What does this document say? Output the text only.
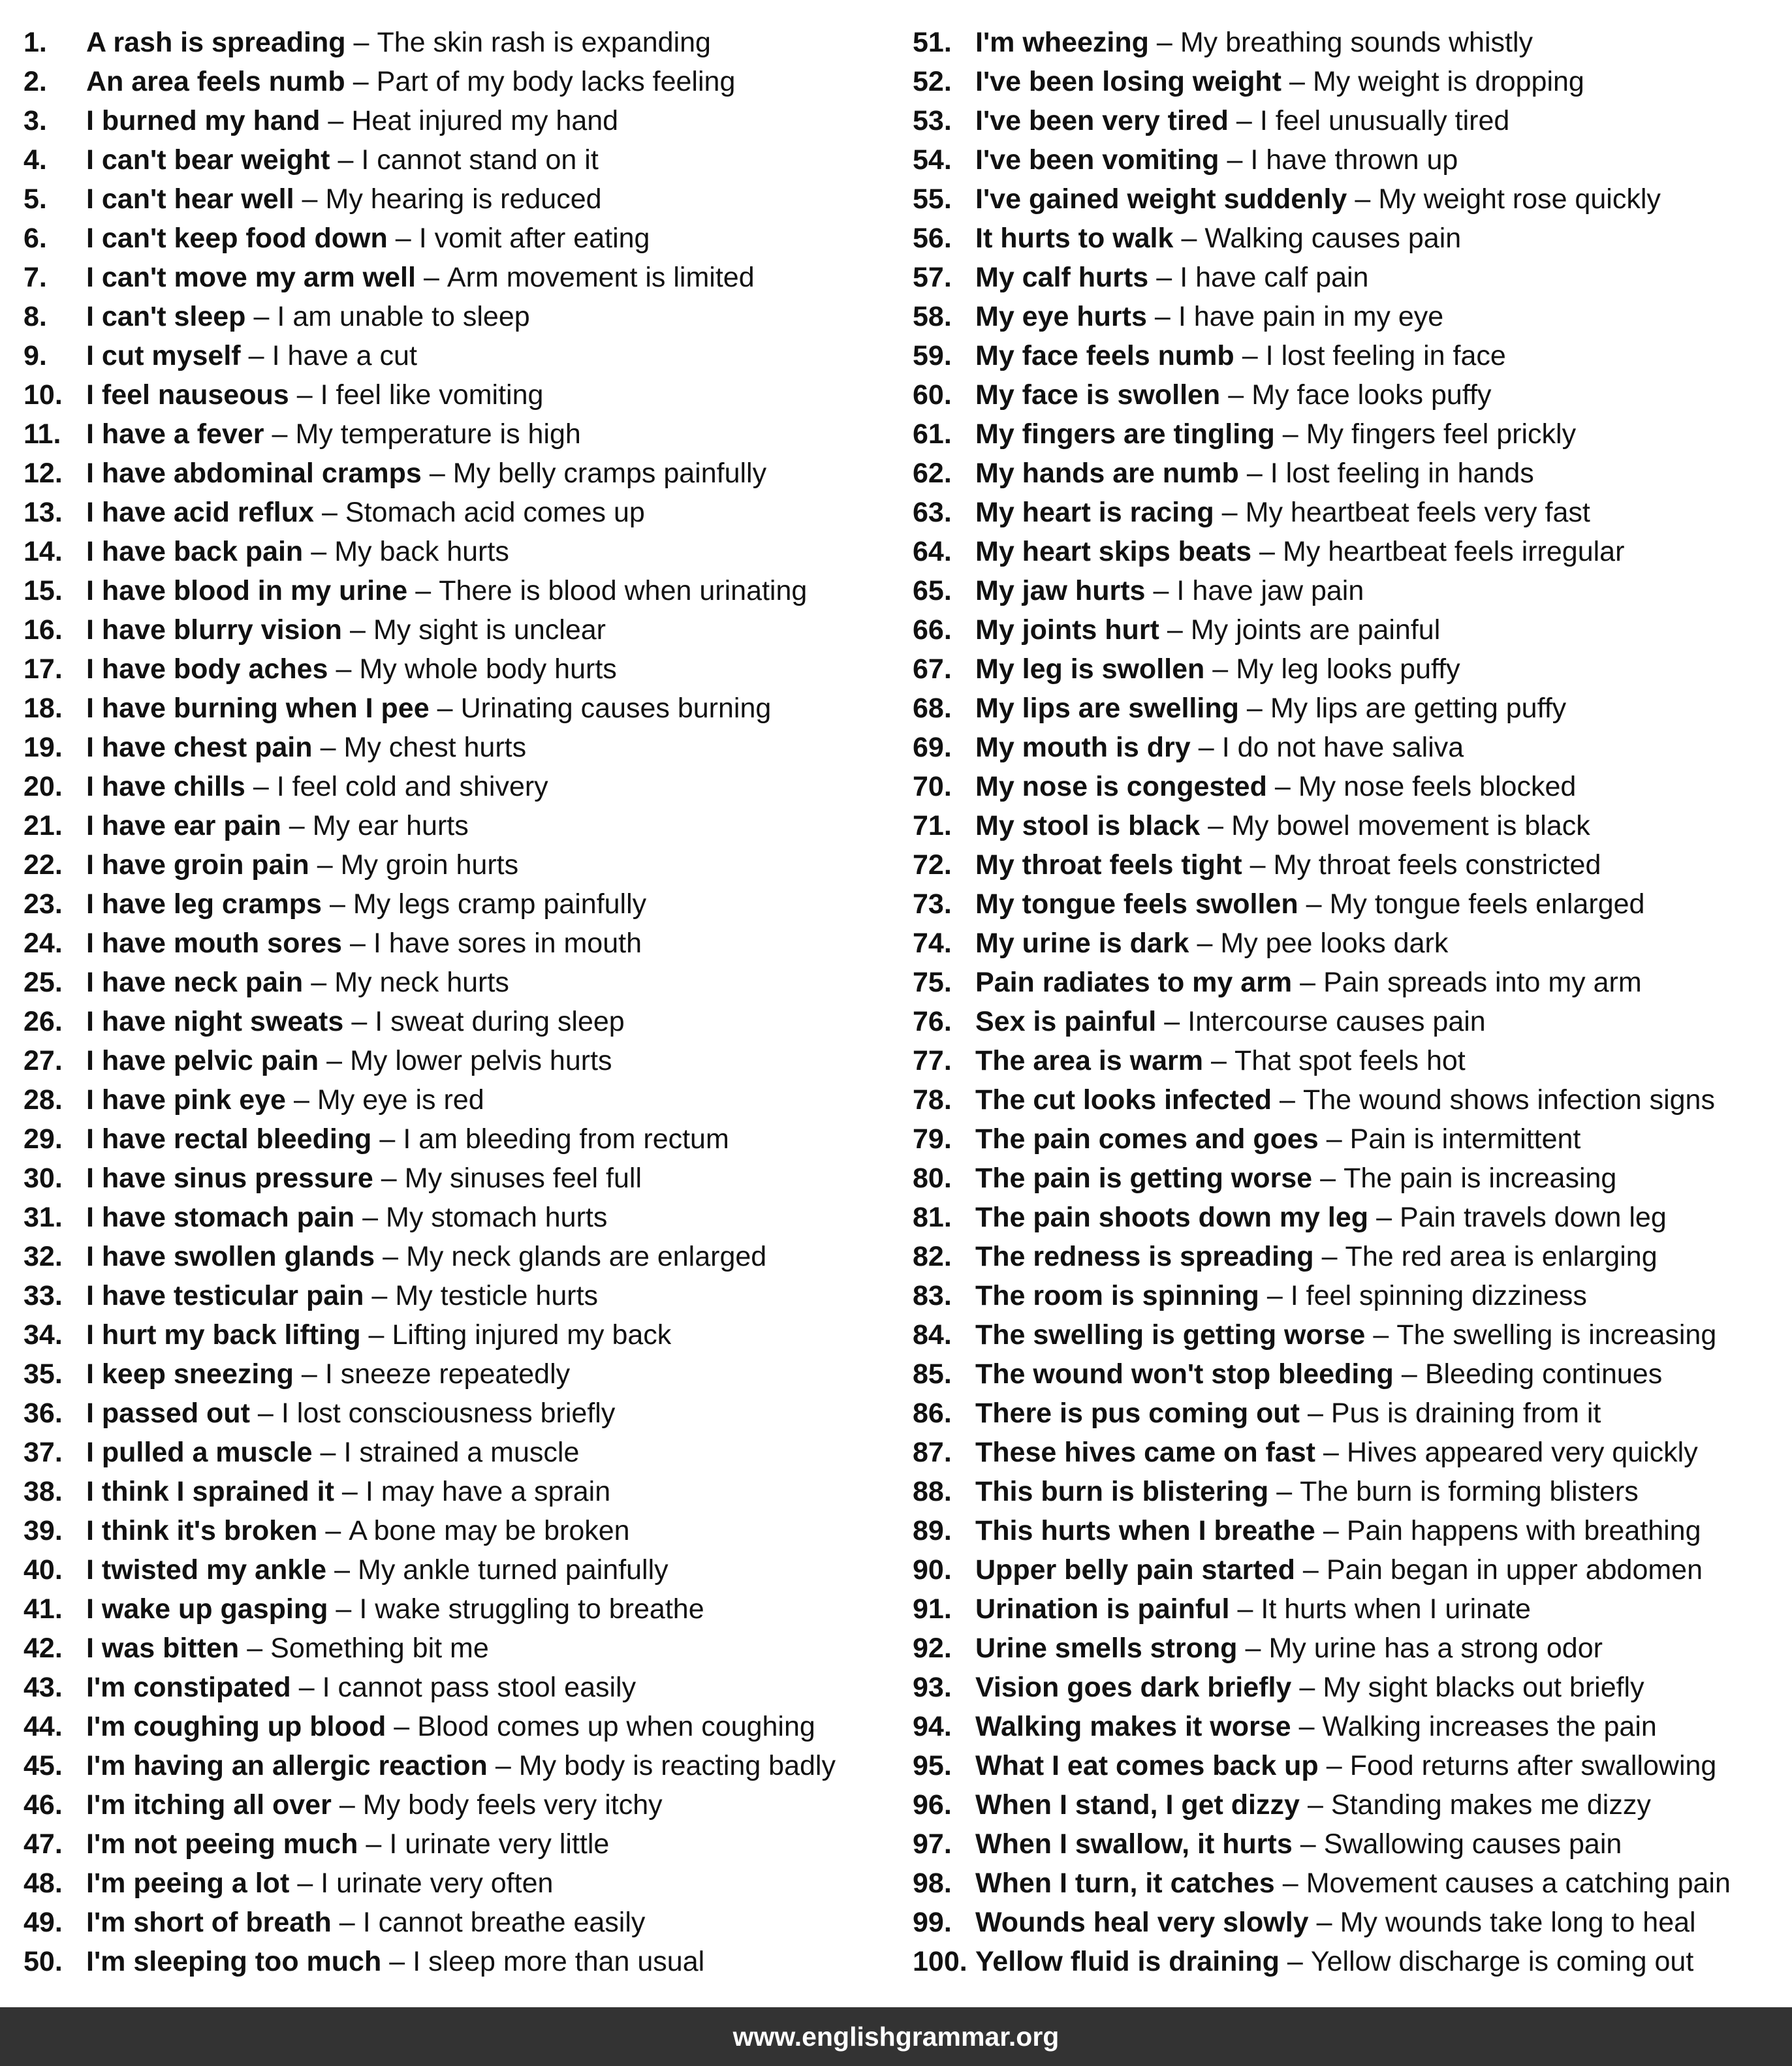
1.	A rash is spreading – The skin rash is expanding
2.	An area feels numb – Part of my body lacks feeling
3.	I burned my hand – Heat injured my hand
4.	I can't bear weight – I cannot stand on it
5.	I can't hear well – My hearing is reduced
6.	I can't keep food down – I vomit after eating
7.	I can't move my arm well – Arm movement is limited
8.	I can't sleep – I am unable to sleep
9.	I cut myself – I have a cut
10. I feel nauseous – I feel like vomiting
11. I have a fever – My temperature is high
12. I have abdominal cramps – My belly cramps painfully
13. I have acid reflux – Stomach acid comes up
14. I have back pain – My back hurts
15. I have blood in my urine – There is blood when urinating
16. I have blurry vision – My sight is unclear
17. I have body aches – My whole body hurts
18. I have burning when I pee – Urinating causes burning
19. I have chest pain – My chest hurts
20. I have chills – I feel cold and shivery
21. I have ear pain – My ear hurts
22. I have groin pain – My groin hurts
23. I have leg cramps – My legs cramp painfully
24. I have mouth sores – I have sores in mouth
25. I have neck pain – My neck hurts
26. I have night sweats – I sweat during sleep
27. I have pelvic pain – My lower pelvis hurts
28. I have pink eye – My eye is red
29. I have rectal bleeding – I am bleeding from rectum
30. I have sinus pressure – My sinuses feel full
31. I have stomach pain – My stomach hurts
32. I have swollen glands – My neck glands are enlarged
33. I have testicular pain – My testicle hurts
34. I hurt my back lifting – Lifting injured my back
35. I keep sneezing – I sneeze repeatedly
36. I passed out – I lost consciousness briefly
37. I pulled a muscle – I strained a muscle
38. I think I sprained it – I may have a sprain
39. I think it's broken – A bone may be broken
40. I twisted my ankle – My ankle turned painfully
41. I wake up gasping – I wake struggling to breathe
42. I was bitten – Something bit me
43. I'm constipated – I cannot pass stool easily
44. I'm coughing up blood – Blood comes up when coughing
45. I'm having an allergic reaction – My body is reacting badly
46. I'm itching all over – My body feels very itchy
47. I'm not peeing much – I urinate very little
48. I'm peeing a lot – I urinate very often
49. I'm short of breath – I cannot breathe easily
50. I'm sleeping too much – I sleep more than usual
51. I'm wheezing – My breathing sounds whistly
52. I've been losing weight – My weight is dropping
53. I've been very tired – I feel unusually tired
54. I've been vomiting – I have thrown up
55. I've gained weight suddenly – My weight rose quickly
56. It hurts to walk – Walking causes pain
57. My calf hurts – I have calf pain
58. My eye hurts – I have pain in my eye
59. My face feels numb – I lost feeling in face
60. My face is swollen – My face looks puffy
61. My fingers are tingling – My fingers feel prickly
62. My hands are numb – I lost feeling in hands
63. My heart is racing – My heartbeat feels very fast
64. My heart skips beats – My heartbeat feels irregular
65. My jaw hurts – I have jaw pain
66. My joints hurt – My joints are painful
67. My leg is swollen – My leg looks puffy
68. My lips are swelling – My lips are getting puffy
69. My mouth is dry – I do not have saliva
70. My nose is congested – My nose feels blocked
71. My stool is black – My bowel movement is black
72. My throat feels tight – My throat feels constricted
73. My tongue feels swollen – My tongue feels enlarged
74. My urine is dark – My pee looks dark
75. Pain radiates to my arm – Pain spreads into my arm
76. Sex is painful – Intercourse causes pain
77. The area is warm – That spot feels hot
78. The cut looks infected – The wound shows infection signs
79. The pain comes and goes – Pain is intermittent
80. The pain is getting worse – The pain is increasing
81. The pain shoots down my leg – Pain travels down leg
82. The redness is spreading – The red area is enlarging
83. The room is spinning – I feel spinning dizziness
84. The swelling is getting worse – The swelling is increasing
85. The wound won't stop bleeding – Bleeding continues
86. There is pus coming out – Pus is draining from it
87. These hives came on fast – Hives appeared very quickly
88. This burn is blistering – The burn is forming blisters
89. This hurts when I breathe – Pain happens with breathing
90. Upper belly pain started – Pain began in upper abdomen
91. Urination is painful – It hurts when I urinate
92. Urine smells strong – My urine has a strong odor
93. Vision goes dark briefly – My sight blacks out briefly
94. Walking makes it worse – Walking increases the pain
95. What I eat comes back up – Food returns after swallowing
96. When I stand, I get dizzy – Standing makes me dizzy
97. When I swallow, it hurts – Swallowing causes pain
98. When I turn, it catches – Movement causes a catching pain
99. Wounds heal very slowly – My wounds take long to heal
100. Yellow fluid is draining – Yellow discharge is coming out
www.englishgrammar.org
